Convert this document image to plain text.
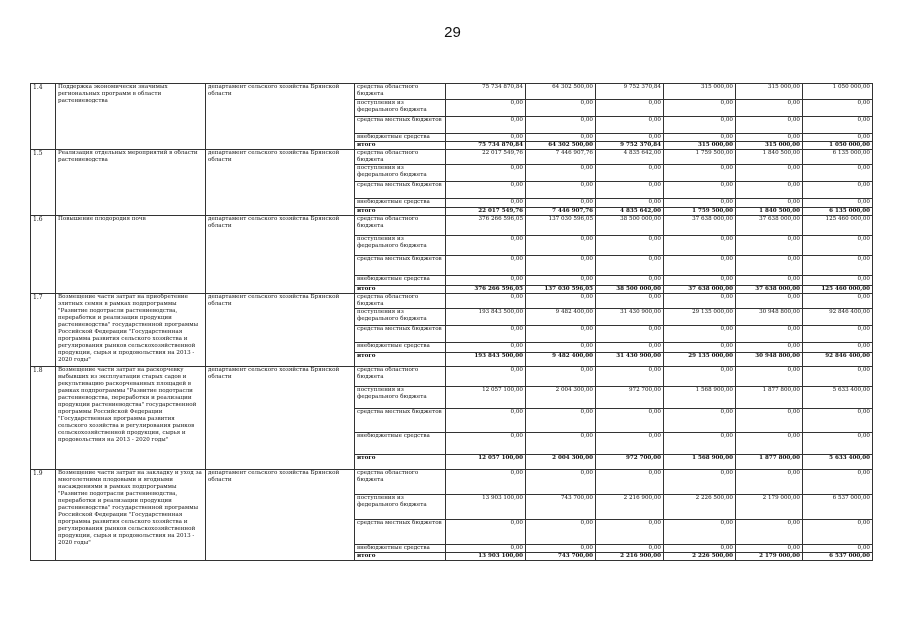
29
1.4	Поддержка экономически значимых региональных программ в области растениеводства	департамент сельского хозяйства Брянской области	средства областного бюджета	75 734 870,84	64 302 500,00	9 752 370,84	315 000,00	315 000,00	1 050 000,00
			поступления из федерального бюджета	0,00	0,00	0,00	0,00	0,00	0,00
			средства местных бюджетов	0,00	0,00	0,00	0,00	0,00	0,00
			внебюджетные средства	0,00	0,00	0,00	0,00	0,00	0,00
			итого	75 734 870,84	64 302 500,00	9 752 370,84	315 000,00	315 000,00	1 050 000,00
1.5	Реализация отдельных мероприятий в области растениеводства	департамент сельского хозяйства Брянской области	средства областного бюджета	22 017 549,76	7 446 907,76	4 835 642,00	1 759 500,00	1 840 500,00	6 135 000,00
			поступления из федерального бюджета	0,00	0,00	0,00	0,00	0,00	0,00
			средства местных бюджетов	0,00	0,00	0,00	0,00	0,00	0,00
			внебюджетные средства	0,00	0,00	0,00	0,00	0,00	0,00
			итого	22 017 549,76	7 446 907,76	4 835 642,00	1 759 500,00	1 840 500,00	6 135 000,00
1.6	Повышение плодородия почв	департамент сельского хозяйства Брянской области	средства областного бюджета	376 266 596,05	137 030 596,05	38 500 000,00	37 638 000,00	37 638 000,00	125 460 000,00
			поступления из федерального бюджета	0,00	0,00	0,00	0,00	0,00	0,00
			средства местных бюджетов	0,00	0,00	0,00	0,00	0,00	0,00
			внебюджетные средства	0,00	0,00	0,00	0,00	0,00	0,00
			итого	376 266 596,05	137 030 596,05	38 500 000,00	37 638 000,00	37 638 000,00	125 460 000,00
1.7	Возмещение части затрат на приобретение элитных семян в рамках подпрограммы "Развитие подотрасли растениеводства, переработки и реализации продукции растениеводства" государственной программы Российской Федерации "Государственная программа развития сельского хозяйства и регулирования рынков сельскохозяйственной продукции, сырья и продовольствия на 2013 - 2020 годы"	департамент сельского хозяйства Брянской области	средства областного бюджета	0,00	0,00	0,00	0,00	0,00	0,00
			поступления из федерального бюджета	193 843 500,00	9 482 400,00	31 430 900,00	29 135 000,00	30 948 800,00	92 846 400,00
			средства местных бюджетов	0,00	0,00	0,00	0,00	0,00	0,00
			внебюджетные средства	0,00	0,00	0,00	0,00	0,00	0,00
			итого	193 843 500,00	9 482 400,00	31 430 900,00	29 135 000,00	30 948 800,00	92 846 400,00
1.8	Возмещение части затрат на раскорчевку выбывших из эксплуатации старых садов и рекультивацию раскорчеванных площадей в рамках подпрограммы "Развитие подотрасли растениеводства, переработки и реализации продукции растениеводства" государственной программы Российской Федерации "Государственная программа развития сельского хозяйства и регулирования рынков сельскохозяйственной продукции, сырья и продовольствия на 2013 - 2020 годы"	департамент сельского хозяйства Брянской области	средства областного бюджета	0,00	0,00	0,00	0,00	0,00	0,00
			поступления из федерального бюджета	12 057 100,00	2 004 300,00	972 700,00	1 568 900,00	1 877 800,00	5 633 400,00
			средства местных бюджетов	0,00	0,00	0,00	0,00	0,00	0,00
			внебюджетные средства	0,00	0,00	0,00	0,00	0,00	0,00
			итого	12 057 100,00	2 004 300,00	972 700,00	1 568 900,00	1 877 800,00	5 633 400,00
1.9	Возмещение части затрат на закладку и уход за многолетними плодовыми и ягодными насаждениями в рамках подпрограммы "Развитие подотрасли растениеводства, переработки и реализации продукции растениеводства" государственной программы Российской Федерации "Государственная программа развития сельского хозяйства и регулирования рынков сельскохозяйственной продукции, сырья и продовольствия на 2013 - 2020 годы"	департамент сельского хозяйства Брянской области	средства областного бюджета	0,00	0,00	0,00	0,00	0,00	0,00
			поступления из федерального бюджета	13 903 100,00	743 700,00	2 216 900,00	2 226 500,00	2 179 000,00	6 537 000,00
			средства местных бюджетов	0,00	0,00	0,00	0,00	0,00	0,00
			внебюджетные средства	0,00	0,00	0,00	0,00	0,00	0,00
			итого	13 903 100,00	743 700,00	2 216 900,00	2 226 500,00	2 179 000,00	6 537 000,00
